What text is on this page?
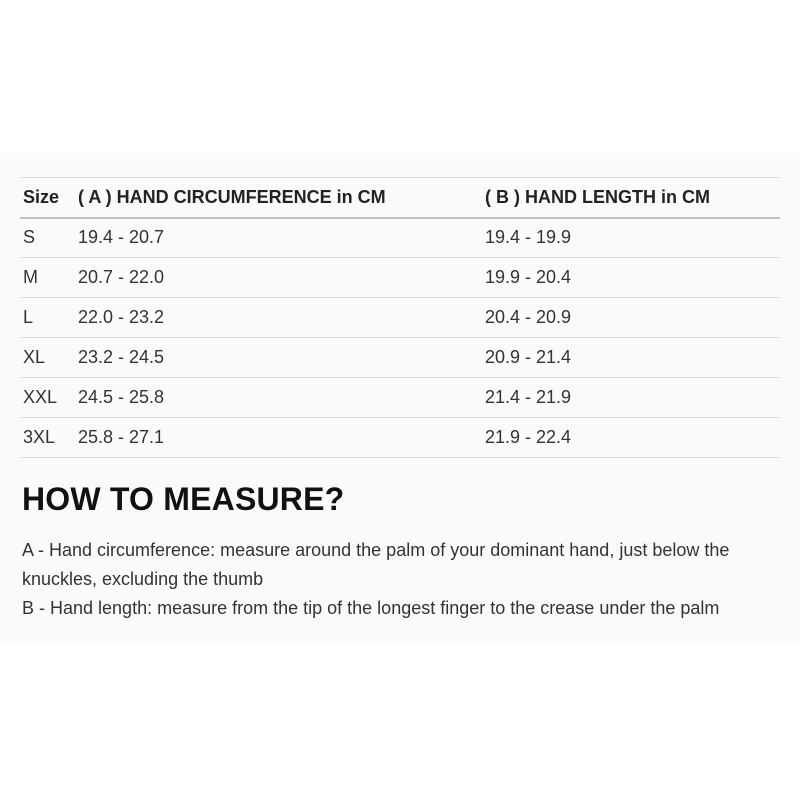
Size	( A ) HAND CIRCUMFERENCE in CM	( B ) HAND LENGTH in CM
S	19.4 - 20.7	19.4 - 19.9
M	20.7 - 22.0	19.9 - 20.4
L	22.0 - 23.2	20.4 - 20.9
XL	23.2 - 24.5	20.9 - 21.4
XXL	24.5 - 25.8	21.4 - 21.9
3XL	25.8 - 27.1	21.9 - 22.4
HOW TO MEASURE?

A - Hand circumference: measure around the palm of your dominant hand, just below the knuckles, excluding the thumb

B - Hand length: measure from the tip of the longest finger to the crease under the palm
